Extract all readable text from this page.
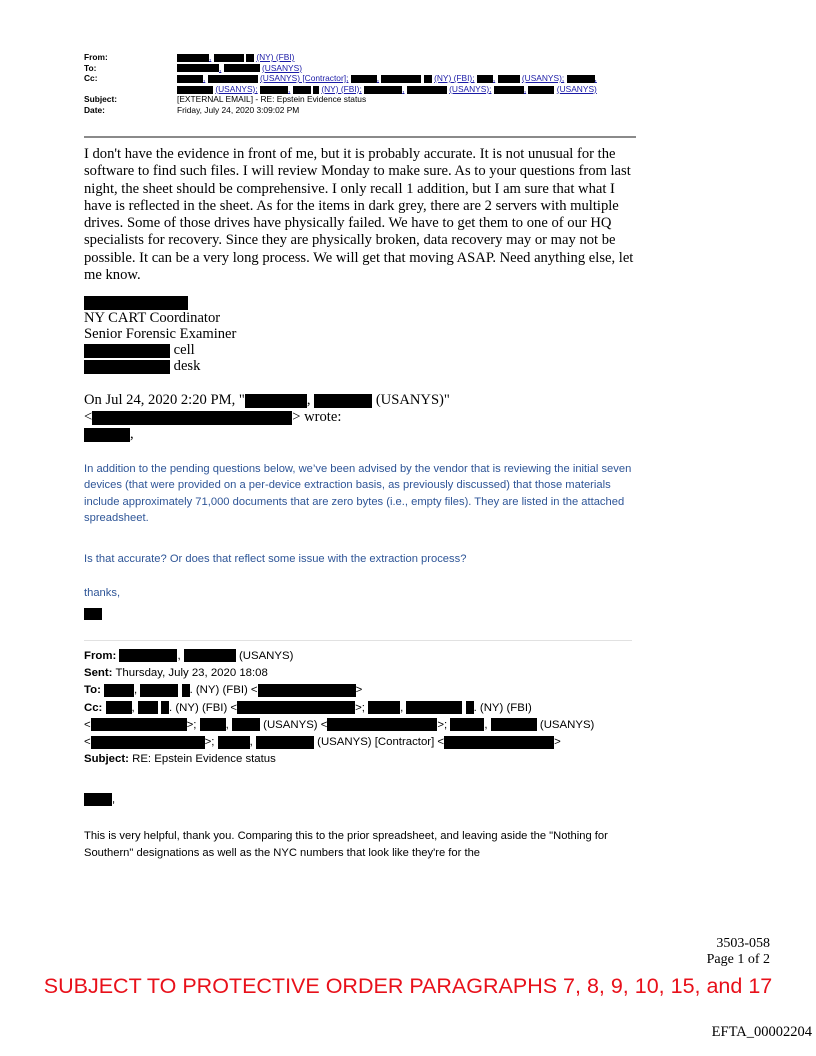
From:	,	(NY) (FBI)
To:	,	(USANYS)
Cc:	,	(USANYS) [Contractor];	,	(NY) (FBI); ,	(USANYS);	,
(USANYS);	,	(NY) (FBI);	,	(USANYS);	,	(USANYS)
Subject:	[EXTERNAL EMAIL] - RE: Epstein Evidence status
Date:	Friday, July 24, 2020 3:09:02 PM

I don't have the evidence in front of me, but it is probably accurate. It is not unusual for the software to find such files. I will review Monday to make sure. As to your questions from last night, the sheet should be comprehensive. I only recall 1 addition, but I am sure that what I have is reflected in the sheet. As for the items in dark grey, there are 2 servers with multiple drives. Some of those drives have physically failed. We have to get them to one of our HQ specialists for recovery. Since they are physically broken, data recovery may or may not be possible. It can be a very long process. We will get that moving ASAP. Need anything else, let me know.

NY CART Coordinator
Senior Forensic Examiner
cell
desk
On Jul 24, 2020 2:20 PM, "	,	(USANYS)"
<	> wrote:
,

In addition to the pending questions below, we’ve been advised by the vendor that is reviewing the initial seven devices (that were provided on a per-device extraction basis, as previously discussed) that those materials include approximately 71,000 documents that are zero bytes (i.e., empty files). They are listed in the attached spreadsheet.

Is that accurate? Or does that reflect some issue with the extraction process?

thanks,
From:	,	(USANYS)
Sent: Thursday, July 23, 2020 18:08
To:	,	. (NY) (FBI) <	>
Cc:	,	. (NY) (FBI) <	>;	,	. (NY) (FBI)
<	>; ,	(USANYS) <	>;	,	(USANYS)
<	>;	,	(USANYS) [Contractor] <	>
Subject: RE: Epstein Evidence status
,

This is very helpful, thank you. Comparing this to the prior spreadsheet, and leaving aside the "Nothing for Southern" designations as well as the NYC numbers that look like they're for the

3503-058
Page 1 of 2
SUBJECT TO PROTECTIVE ORDER PARAGRAPHS 7, 8, 9, 10, 15, and 17
EFTA_00002204
